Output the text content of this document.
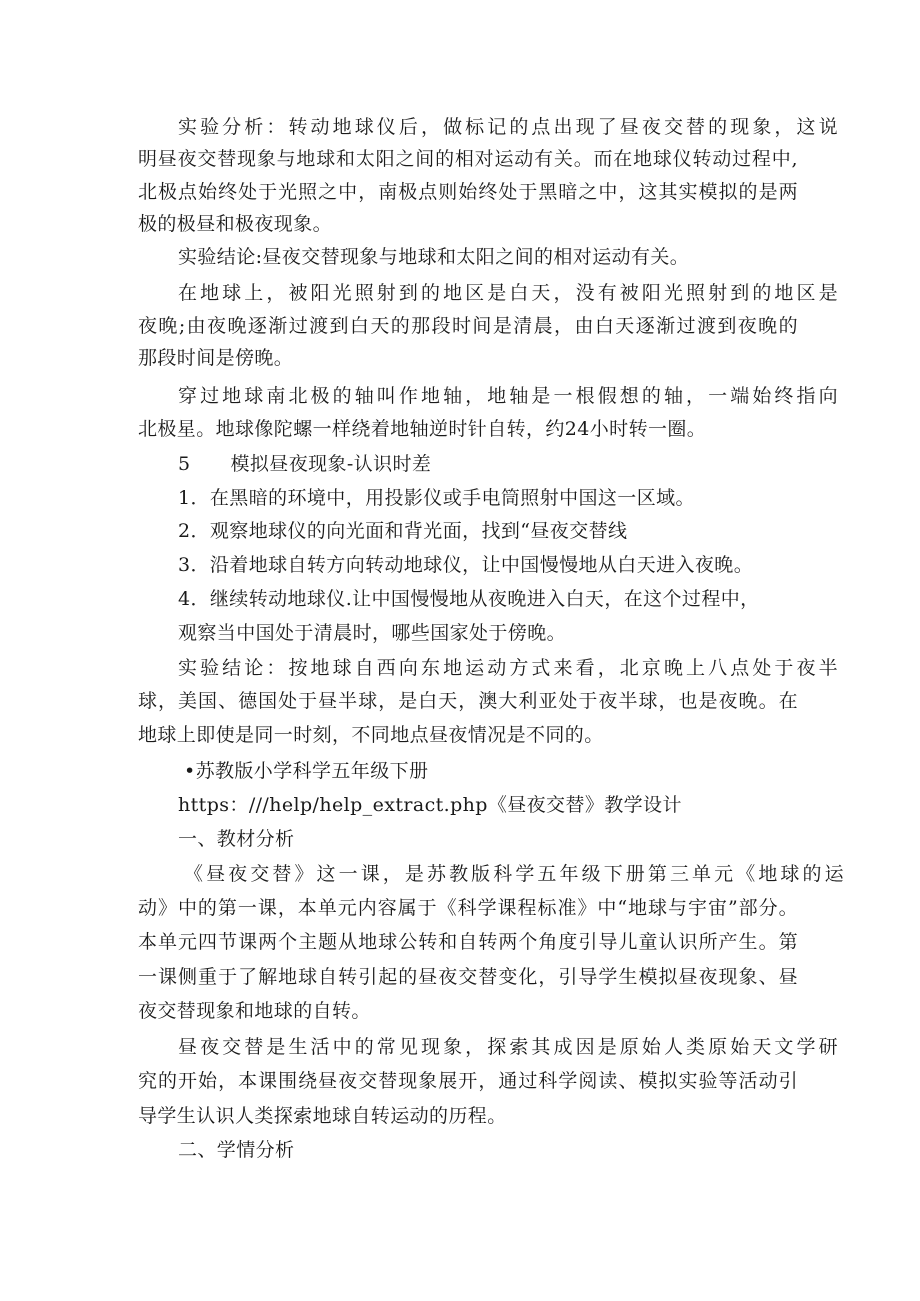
实验分析：转动地球仪后，做标记的点出现了昼夜交替的现象，这说
明昼夜交替现象与地球和太阳之间的相对运动有关。而在地球仪转动过程中,
北极点始终处于光照之中，南极点则始终处于黑暗之中，这其实模拟的是两
极的极昼和极夜现象。
实验结论:昼夜交替现象与地球和太阳之间的相对运动有关。
在地球上，被阳光照射到的地区是白天，没有被阳光照射到的地区是
夜晚;由夜晚逐渐过渡到白天的那段时间是清晨，由白天逐渐过渡到夜晚的
那段时间是傍晚。
穿过地球南北极的轴叫作地轴，地轴是一根假想的轴，一端始终指向
北极星。地球像陀螺一样绕着地轴逆时针自转，约24小时转一圈。
5 模拟昼夜现象-认识时差
1．在黑暗的环境中，用投影仪或手电筒照射中国这一区域。
2．观察地球仪的向光面和背光面，找到“昼夜交替线
3．沿着地球自转方向转动地球仪，让中国慢慢地从白天进入夜晚。
4．继续转动地球仪.让中国慢慢地从夜晚进入白天，在这个过程中，
观察当中国处于清晨时，哪些国家处于傍晚。
实验结论：按地球自西向东地运动方式来看，北京晚上八点处于夜半
球，美国、德国处于昼半球，是白天，澳大利亚处于夜半球，也是夜晚。在
地球上即使是同一时刻，不同地点昼夜情况是不同的。
•苏教版小学科学五年级下册
https：///help/help_extract.php《昼夜交替》教学设计
一、教材分析
《昼夜交替》这一课，是苏教版科学五年级下册第三单元《地球的运
动》中的第一课，本单元内容属于《科学课程标准》中“地球与宇宙”部分。
本单元四节课两个主题从地球公转和自转两个角度引导儿童认识所产生。第
一课侧重于了解地球自转引起的昼夜交替变化，引导学生模拟昼夜现象、昼
夜交替现象和地球的自转。
昼夜交替是生活中的常见现象，探索其成因是原始人类原始天文学研
究的开始，本课围绕昼夜交替现象展开，通过科学阅读、模拟实验等活动引
导学生认识人类探索地球自转运动的历程。
二、学情分析
